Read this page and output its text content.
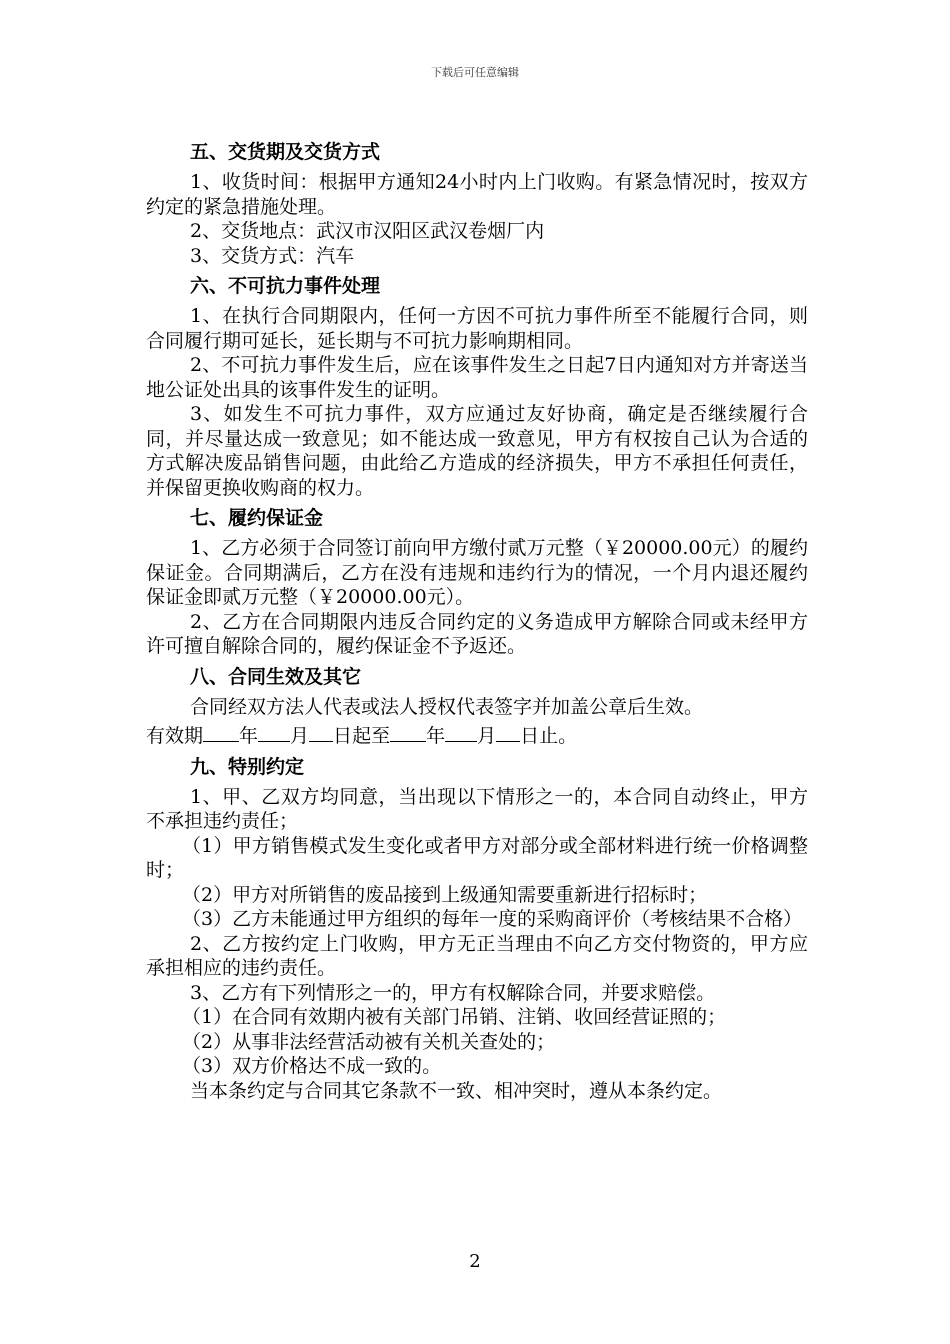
下载后可任意编辑
五、交货期及交货方式

1、收货时间：根据甲方通知24小时内上门收购。有紧急情况时，按双方约定的紧急措施处理。

2、交货地点：武汉市汉阳区武汉卷烟厂内

3、交货方式：汽车

六、不可抗力事件处理

1、在执行合同期限内，任何一方因不可抗力事件所至不能履行合同，则合同履行期可延长，延长期与不可抗力影响期相同。

2、不可抗力事件发生后，应在该事件发生之日起7日内通知对方并寄送当地公证处出具的该事件发生的证明。

3、如发生不可抗力事件，双方应通过友好协商，确定是否继续履行合同，并尽量达成一致意见；如不能达成一致意见，甲方有权按自己认为合适的方式解决废品销售问题，由此给乙方造成的经济损失，甲方不承担任何责任，并保留更换收购商的权力。

七、履约保证金

1、乙方必须于合同签订前向甲方缴付贰万元整（￥20000.00元）的履约保证金。合同期满后，乙方在没有违规和违约行为的情况，一个月内退还履约保证金即贰万元整（￥20000.00元）。

2、乙方在合同期限内违反合同约定的义务造成甲方解除合同或未经甲方许可擅自解除合同的，履约保证金不予返还。

八、合同生效及其它

合同经双方法人代表或法人授权代表签字并加盖公章后生效。

有效期 年 月 日起至 年 月 日止。

九、特别约定

1、甲、乙双方均同意，当出现以下情形之一的，本合同自动终止，甲方不承担违约责任；

（1）甲方销售模式发生变化或者甲方对部分或全部材料进行统一价格调整时；

（2）甲方对所销售的废品接到上级通知需要重新进行招标时；

（3）乙方未能通过甲方组织的每年一度的采购商评价（考核结果不合格）

2、乙方按约定上门收购，甲方无正当理由不向乙方交付物资的，甲方应承担相应的违约责任。

3、乙方有下列情形之一的，甲方有权解除合同，并要求赔偿。

（1）在合同有效期内被有关部门吊销、注销、收回经营证照的；

（2）从事非法经营活动被有关机关查处的；

（3）双方价格达不成一致的。

当本条约定与合同其它条款不一致、相冲突时，遵从本条约定。

2
